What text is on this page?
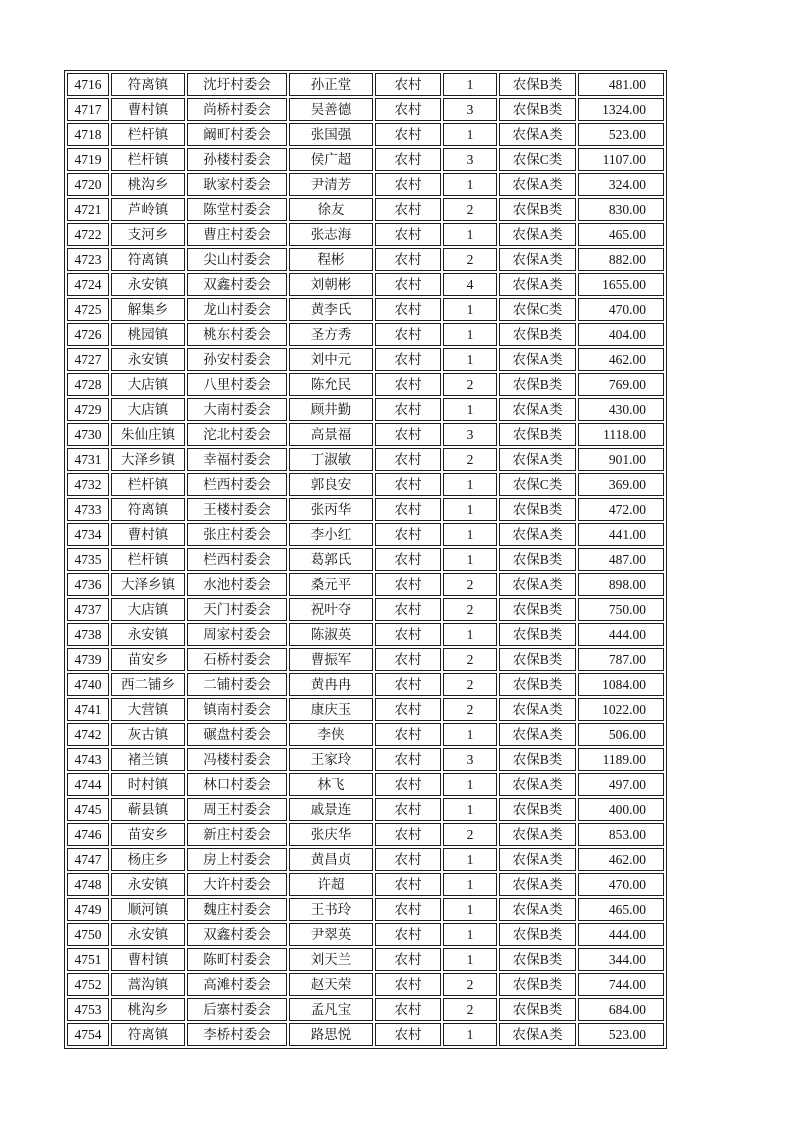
4716	符离镇	沈圩村委会	孙正堂	农村	1	农保B类	481.00
4717	曹村镇	尚桥村委会	吴善德	农村	3	农保B类	1324.00
4718	栏杆镇	阚町村委会	张国强	农村	1	农保A类	523.00
4719	栏杆镇	孙楼村委会	侯广超	农村	3	农保C类	1107.00
4720	桃沟乡	耿家村委会	尹清芳	农村	1	农保A类	324.00
4721	芦岭镇	陈堂村委会	徐友	农村	2	农保B类	830.00
4722	支河乡	曹庄村委会	张志海	农村	1	农保A类	465.00
4723	符离镇	尖山村委会	程彬	农村	2	农保A类	882.00
4724	永安镇	双鑫村委会	刘朝彬	农村	4	农保A类	1655.00
4725	解集乡	龙山村委会	黄李氏	农村	1	农保C类	470.00
4726	桃园镇	桃东村委会	圣方秀	农村	1	农保B类	404.00
4727	永安镇	孙安村委会	刘中元	农村	1	农保A类	462.00
4728	大店镇	八里村委会	陈允民	农村	2	农保B类	769.00
4729	大店镇	大南村委会	顾井勤	农村	1	农保A类	430.00
4730	朱仙庄镇	沱北村委会	高景福	农村	3	农保B类	1118.00
4731	大泽乡镇	幸福村委会	丁淑敏	农村	2	农保A类	901.00
4732	栏杆镇	栏西村委会	郭良安	农村	1	农保C类	369.00
4733	符离镇	王楼村委会	张丙华	农村	1	农保B类	472.00
4734	曹村镇	张庄村委会	李小红	农村	1	农保A类	441.00
4735	栏杆镇	栏西村委会	葛郭氏	农村	1	农保B类	487.00
4736	大泽乡镇	水池村委会	桑元平	农村	2	农保A类	898.00
4737	大店镇	天门村委会	祝叶夺	农村	2	农保B类	750.00
4738	永安镇	周家村委会	陈淑英	农村	1	农保B类	444.00
4739	苗安乡	石桥村委会	曹振军	农村	2	农保B类	787.00
4740	西二铺乡	二铺村委会	黄冉冉	农村	2	农保B类	1084.00
4741	大营镇	镇南村委会	康庆玉	农村	2	农保A类	1022.00
4742	灰古镇	碾盘村委会	李侠	农村	1	农保A类	506.00
4743	褚兰镇	冯楼村委会	王家玲	农村	3	农保B类	1189.00
4744	时村镇	林口村委会	林飞	农村	1	农保A类	497.00
4745	蕲县镇	周王村委会	戚景连	农村	1	农保B类	400.00
4746	苗安乡	新庄村委会	张庆华	农村	2	农保A类	853.00
4747	杨庄乡	房上村委会	黄昌贞	农村	1	农保A类	462.00
4748	永安镇	大许村委会	许超	农村	1	农保A类	470.00
4749	顺河镇	魏庄村委会	王书玲	农村	1	农保A类	465.00
4750	永安镇	双鑫村委会	尹翠英	农村	1	农保B类	444.00
4751	曹村镇	陈町村委会	刘天兰	农村	1	农保B类	344.00
4752	蒿沟镇	高滩村委会	赵天荣	农村	2	农保B类	744.00
4753	桃沟乡	后寨村委会	孟凡宝	农村	2	农保B类	684.00
4754	符离镇	李桥村委会	路思悦	农村	1	农保A类	523.00
